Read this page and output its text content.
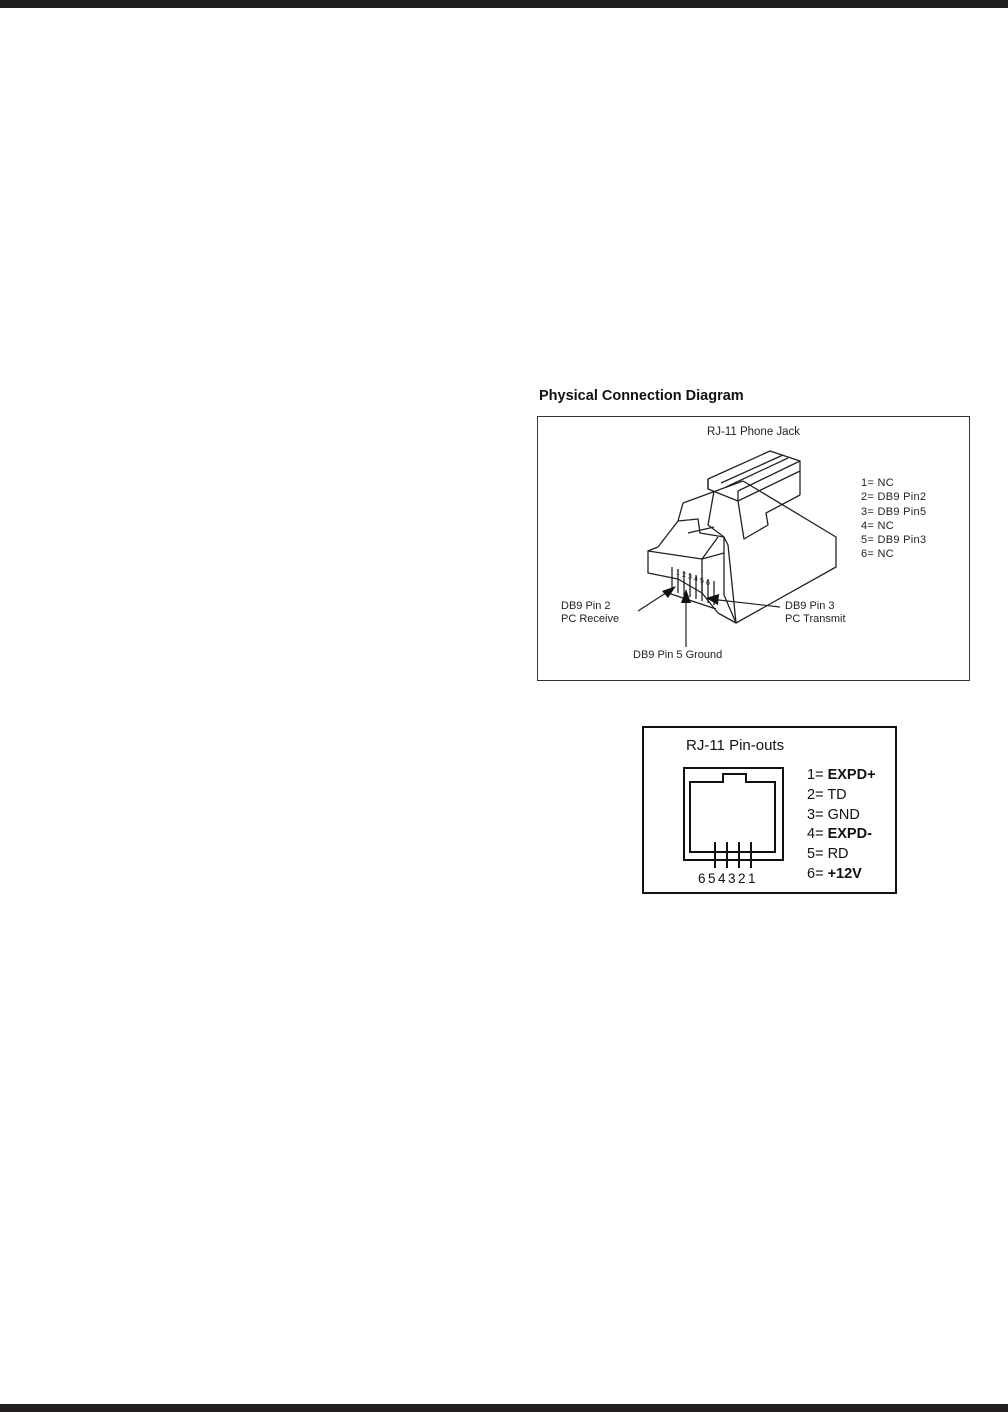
Physical Connection Diagram
RJ-11 Phone Jack
1= NC
2= DB9 Pin2
3= DB9 Pin5
4= NC
5= DB9 Pin3
6= NC
1 2 3 4 5 6
DB9 Pin 2
PC Receive
DB9 Pin 3
PC Transmit
DB9 Pin 5 Ground
RJ-11 Pin-outs
1= EXPD+
2= TD
3= GND
4= EXPD-
5= RD
6= +12V
654321
